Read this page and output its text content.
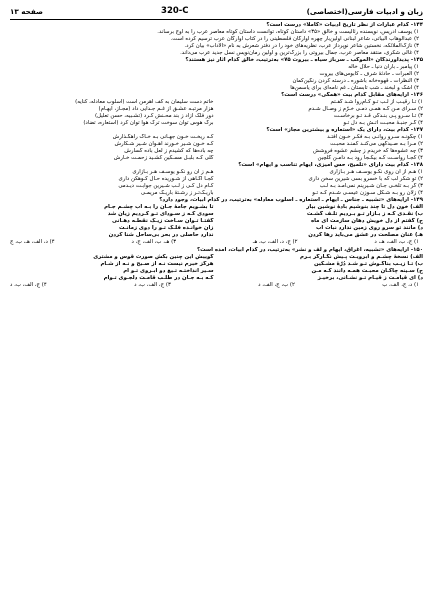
زبان و ادبیات فارسی(اختصاصی)
320-C
صفحه ۱۳
۱۴۴- کدام عبارات از نظر تاریخ ادبیات «کاملاً» درست است؟
۱) یوسف ادریس، نویسنده رئالیست و خالق «۳۵» داستان کوتاه، توانست داستان کوتاه معاصر عرب را به اوج برساند.
۲) عبدالوهاب البیاتی، شاعر لبنانی اولین‌بار چهره آوارگان فلسطینی را در کتاب آوارگان عرب ترسیم کرده است.
۳) نازک‌الملائکه، نخستین شاعر نوپرداز عرب، نظریه‌های خود را در دفتر شعرش به نام «الآداب» بیان کرد.
۴) غالی شکری، منتقد معاصر عرب، جمال بیروتی را بزرگ‌ترین و اولین رمان‌نویس نسل جدید عرب می‌داند.
۱۴۵- پدیدآورندگان «الموکب ـ سرباز سیاه ـ بیروت ۷۵» به‌ترتیب، خالق کدام آثار نیز هستند؟
۱) پیامبر ـ باران دنیا ـ حلال خاله
۲) العبرات ـ حادثهٔ شرف ـ کابوس‌های بیروت
۳) النظرات ـ قهوه‌خانه باشوره ـ درسته کردن رنگین‌کمان
۴) اشک و لبخند ـ شب تابستان ـ غم نامه‌ای برای یاسمن‌ها
۱۴۶- آرایه‌های مقابل کدام بیت «همگی» درست است؟
۱) تـا رقیـب از لـب تـو کـام‌روا شـد گفـتم
۲) سـرای مـن کـه همـی دمـی خـرّم ز وصـال شـدم
۳) تـا سـرو پـی بنـدگی قـد تـو برخاسـت
۴) گـر جنبـهٔ محبـت آتـش بـه دل تـو
خاتم دست سلیمان به کف اهرمن است (اسلوب معادله، کنایه)
هزار مرتبـه عشـق از غـم جـدایی داد (مجـاز، ایهـام)
دور فلک آزاد ز بند محـنش کـرد (تشـبیه، حسن تعلیل)
برگ هوس توان سوخت ترک هوا توان کرد (استعاره، تضاد)
۱۴۷- کدام بیت، دارای یک «استعاره و بیشترین مجاز» است؟
۱) چگونـه سـرو روانـی بـه فکـر خـون افتـد
۲) مـرا بـه صـیدگهی می‌کنـد کمنـد محبـت
۳) چه عشوه‌ها که خریدم ز چشم عشوه فروشش
۴) کجـا رواسـت کـه بیکـجا رود بـه دامـن گلچین
کـه ریخـت خـون جهـانی بـه خـاک راهگـذارش
کـه خـون شـیر خـورند آهـوان شـیر شـکارش
چه باده‌ها که کشیدم ز لعل باده گسارش
گلی کـه بلبـل مسـکین کشـید زحمـت خـارش
۱۴۸- کدام بیت دارای «تلمیح، حس آمیزی، ایهام تناسب و ایهام» است؟
۱) هـم از آن روی نکـو یوسـف هـر بـازاری
۲) تو شکر لب که با خسرو بسی شیرین سخن داری
۳) گر بـه تلخـی جـان شـیرینم نمی‌آمـد بـه لـب
۴) زلان رو بـه شـکل سـوزن عیسـی شـدم کـه تـو
هـم ز آن رو نکـو یوسـف هـر بـازاری
کجـا آگـاهی از شـوریده حـال کـوهکن داری
کـام دل کـی ز لـب شـیرین جوابـت دیـدمی
باریـک‌تـر ز رشـتهٔ باریـک مریمـی
۱۴۹- آرایه‌های «تشبیه ـ جناس ـ ایهام ـ استعاره ـ اسلوب معادله» به‌ترتیب، در کدام ابیات، وجود دارد؟
الف) خون دل تا چند بنوشیم بادهٔ نوشین بیار
ب) نقـدی کـه ز بـازار تـو بـردیم تلـف گشـت
ج) گفتم از دل خویش دهان سازمت ای ماه
د) مانند تو سرو روی زمین ندارد نبات آب
هـ) عنان مصلحت در عشق می‌باید رها کردن
تا بشـویم جامهٔ جـان را بـه آب چشـم جـام
سودی کـه ز سـودای تـو کـردیم زیان شد
گفتـا تـوان سـاخت زیـک نقطـه دهـانی
زان خوانـده فلـک تـو را دوی زمانـت
ندارد حاصلی در بحر بی‌ساحل شنا کردن
۱) ج، ب، الف، هـ، د
۲) ج، د، الف، ب، هـ
۳) هـ، ب، الف، ج، د
۴) د، الف، هـ، ب، ج
۱۵۰- آرایه‌های «تشبیه، اغراق، ایهام و لف و نشر» به‌ترتیب، در کدام ابیات، آمده است؟
الف) نسخهٔ چشـم و ابرویـت پـیش نگـارگر بـرم
ب) تـا زیـب بناگـوش تـو شـد دُرّهٔ مشـکین
ج) سـینه چاکـان محبـت همـه دانند کـه مـن
د) ای قیامـت ز قیـام تـو نشـانی، برخیـز
گوییش این چنین بکش صورت قوس و مشتری
هرگز خبرم نیست نـه از صـبح و نـه از شـام
سـیر انداختـه تـیغ دو ابـروی تـو ام
کـه بـه جـان در طلـب قامـت دلجـوی تـوام
۱) د، ج، الف، ب
۲) ب، ج، الف، د
۳) ج، الف، ب، د
۴) ج، الف، ب، د
